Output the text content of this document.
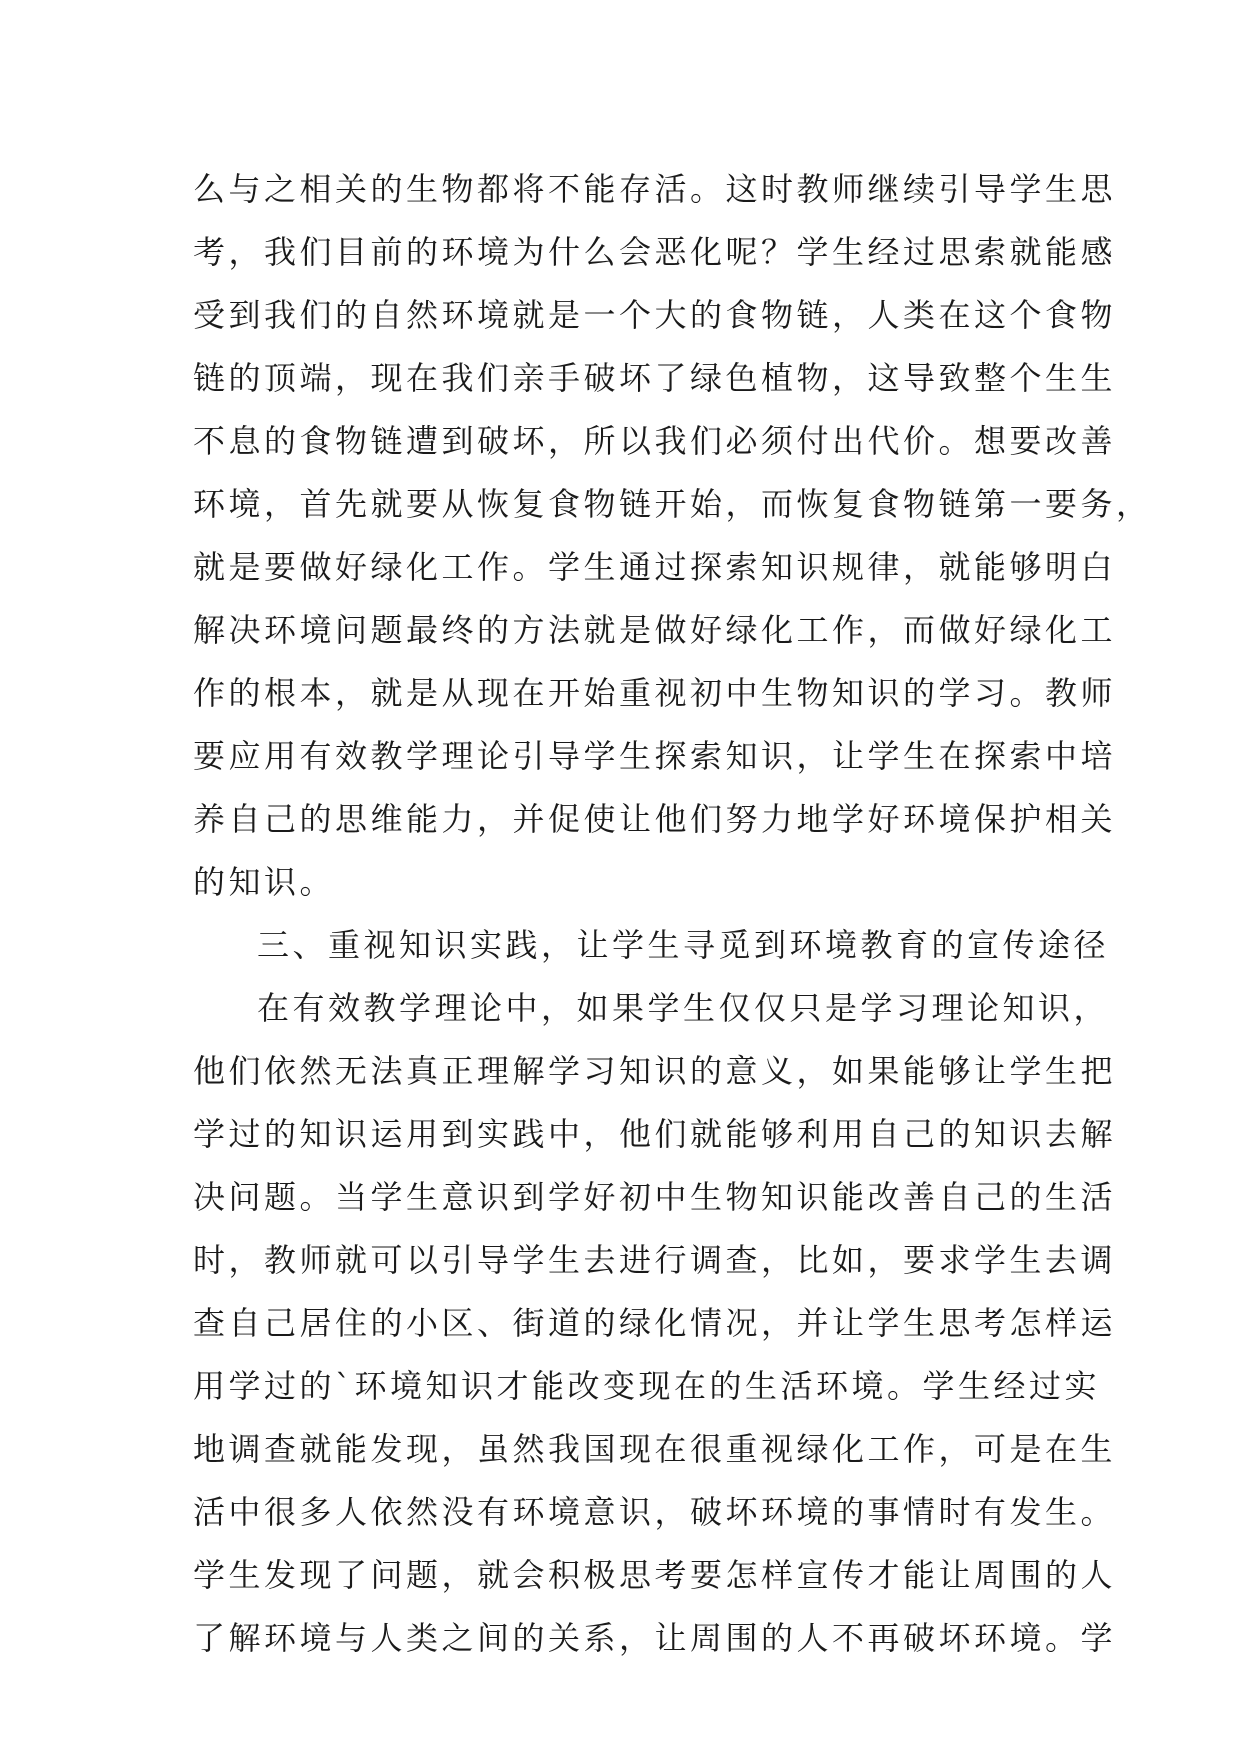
么与之相关的生物都将不能存活。这时教师继续引导学生思
考，我们目前的环境为什么会恶化呢？学生经过思索就能感
受到我们的自然环境就是一个大的食物链，人类在这个食物
链的顶端，现在我们亲手破坏了绿色植物，这导致整个生生
不息的食物链遭到破坏，所以我们必须付出代价。想要改善
环境，首先就要从恢复食物链开始，而恢复食物链第一要务，
就是要做好绿化工作。学生通过探索知识规律，就能够明白
解决环境问题最终的方法就是做好绿化工作，而做好绿化工
作的根本，就是从现在开始重视初中生物知识的学习。教师
要应用有效教学理论引导学生探索知识，让学生在探索中培
养自己的思维能力，并促使让他们努力地学好环境保护相关
的知识。
三、重视知识实践，让学生寻觅到环境教育的宣传途径
在有效教学理论中，如果学生仅仅只是学习理论知识，
他们依然无法真正理解学习知识的意义，如果能够让学生把
学过的知识运用到实践中，他们就能够利用自己的知识去解
决问题。当学生意识到学好初中生物知识能改善自己的生活
时，教师就可以引导学生去进行调查，比如，要求学生去调
查自己居住的小区、街道的绿化情况，并让学生思考怎样运
用学过的`环境知识才能改变现在的生活环境。学生经过实
地调查就能发现，虽然我国现在很重视绿化工作，可是在生
活中很多人依然没有环境意识，破坏环境的事情时有发生。
学生发现了问题，就会积极思考要怎样宣传才能让周围的人
了解环境与人类之间的关系，让周围的人不再破坏环境。学
